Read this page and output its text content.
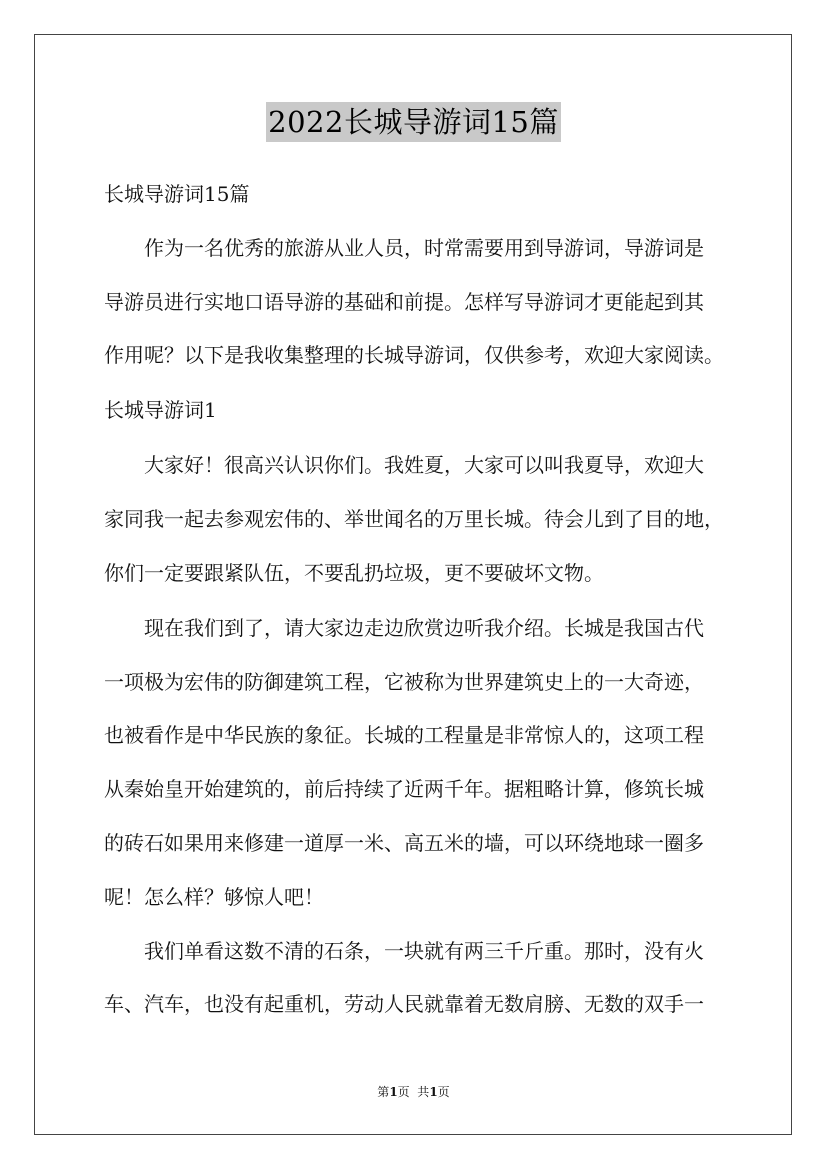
2022长城导游词15篇
长城导游词15篇
作为一名优秀的旅游从业人员，时常需要用到导游词，导游词是
导游员进行实地口语导游的基础和前提。怎样写导游词才更能起到其
作用呢？以下是我收集整理的长城导游词，仅供参考，欢迎大家阅读。
长城导游词1
大家好！很高兴认识你们。我姓夏，大家可以叫我夏导，欢迎大
家同我一起去参观宏伟的、举世闻名的万里长城。待会儿到了目的地，
你们一定要跟紧队伍，不要乱扔垃圾，更不要破坏文物。
现在我们到了，请大家边走边欣赏边听我介绍。长城是我国古代
一项极为宏伟的防御建筑工程，它被称为世界建筑史上的一大奇迹，
也被看作是中华民族的象征。长城的工程量是非常惊人的，这项工程
从秦始皇开始建筑的，前后持续了近两千年。据粗略计算，修筑长城
的砖石如果用来修建一道厚一米、高五米的墙，可以环绕地球一圈多
呢！怎么样？够惊人吧！
我们单看这数不清的石条，一块就有两三千斤重。那时，没有火
车、汽车，也没有起重机，劳动人民就靠着无数肩膀、无数的双手一
第1页  共1页
